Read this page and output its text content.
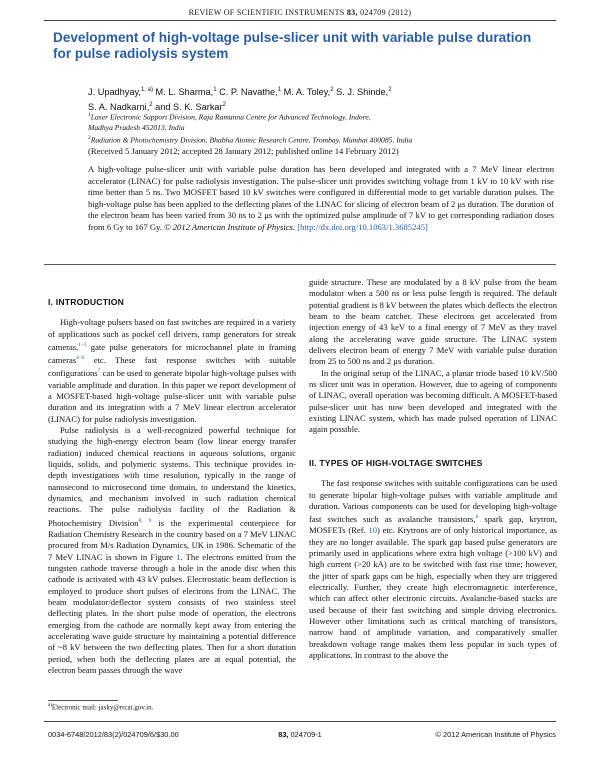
REVIEW OF SCIENTIFIC INSTRUMENTS 83, 024709 (2012)
Development of high-voltage pulse-slicer unit with variable pulse duration for pulse radiolysis system
J. Upadhyay,$^{1, a)}$ M. L. Sharma,$^1$ C. P. Navathe,$^1$ M. A. Toley,$^2$ S. J. Shinde,$^2$
S. A. Nadkarni,$^2$ and S. K. Sarkar$^2$
$^1$Laser Electronic Support Division, Raja Ramanna Centre for Advanced Technology, Indore,
Madhya Pradesh 452013, India
$^2$Radiation & Photochemistry Division, Bhabha Atomic Research Centre, Trombay, Mumbai 400085, India
(Received 5 January 2012; accepted 28 January 2012; published online 14 February 2012)
A high-voltage pulse-slicer unit with variable pulse duration has been developed and integrated with a 7 MeV linear electron accelerator (LINAC) for pulse radiolysis investigation. The pulse-slicer unit provides switching voltage from 1 kV to 10 kV with rise time better than 5 ns. Two MOSFET based 10 kV switches were configured in differential mode to get variable duration pulses. The high-voltage pulse has been applied to the deflecting plates of the LINAC for slicing of electron beam of 2 μs duration. The duration of the electron beam has been varied from 30 ns to 2 μs with the optimized pulse amplitude of 7 kV to get corresponding radiation doses from 6 Gy to 167 Gy. © 2012 American Institute of Physics. [http://dx.doi.org/10.1063/1.3685245]
I. INTRODUCTION

High-voltage pulsers based on fast switches are required in a variety of applications such as pockel cell drivers, ramp generators for streak cameras,$^{1-3}$ gate pulse generators for microchannel plate in framing cameras$^{4-6}$ etc. These fast response switches with suitable configurations$^7$ can be used to generate bipolar high-voltage pulses with variable amplitude and duration. In this paper we report development of a MOSFET-based high-voltage pulse-slicer unit with variable pulse duration and its integration with a 7 MeV linear electron accelerator (LINAC) for pulse radiolysis investigation.

Pulse radiolysis is a well-recognized powerful technique for studying the high-energy electron beam (low linear energy transfer radiation) induced chemical reactions in aqueous solutions, organic liquids, solids, and polymeric systems. This technique provides in-depth investigations with time resolution, typically in the range of nanosecond to microsecond time domain, to understand the kinetics, dynamics, and mechanism involved in such radiation chemical reactions. The pulse radiolysis facility of the Radiation & Photochemistry Division$^{8, 9}$ is the experimental centerpiece for Radiation Chemistry Research in the country based on a 7 MeV LINAC procured from M/s Radiation Dynamics, UK in 1986. Schematic of the 7 MeV LINAC is shown in Figure 1. The electrons emitted from the tungsten cathode traverse through a hole in the anode disc when this cathode is activated with 43 kV pulses. Electrostatic beam deflection is employed to produce short pulses of electrons from the LINAC. The beam modulator/deflector system consists of two stainless steel deflecting plates. In the short pulse mode of operation, the electrons emerging from the cathode are normally kept away from entering the accelerating wave guide structure by maintaining a potential difference of ~8 kV between the two deflecting plates. Then for a short duration period, when both the deflecting plates are at equal potential, the electron beam passes through the wave

guide structure. These are modulated by a 8 kV pulse from the beam modulator when a 500 ns or less pulse length is required. The default potential gradient is 8 kV between the plates which deflects the electron beam to the beam catcher. These electrons get accelerated from injection energy of 43 keV to a final energy of 7 MeV as they travel along the accelerating wave guide structure. The LINAC system delivers electron beam of energy 7 MeV with variable pulse duration from 25 to 500 ns and 2 μs duration.

In the original setup of the LINAC, a planar triode based 10 kV/500 ns slicer unit was in operation. However, due to ageing of components of LINAC, overall operation was becoming difficult. A MOSFET-based pulse-slicer unit has now been developed and integrated with the existing LINAC system, which has made pulsed operation of LINAC again possible.

II. TYPES OF HIGH-VOLTAGE SWITCHES

The fast response switches with suitable configurations can be used to generate bipolar high-voltage pulses with variable amplitude and duration. Various components can be used for developing high-voltage fast switches such as avalanche transistors,$^6$ spark gap, krytron, MOSFETs (Ref. 10) etc. Krytrons are of only historical importance, as they are no longer available. The spark gap based pulse generators are primarily used in applications where extra high voltage (>100 kV) and high current (>20 kA) are to be switched with fast rise time; however, the jitter of spark gaps can be high, especially when they are triggered electrically. Further, they create high electromagnetic interference, which can affect other electronic circuits. Avalanche-based stacks are used because of their fast switching and simple driving electronics. However other limitations such as critical matching of transistors, narrow band of amplitude variation, and comparatively smaller breakdown voltage range makes them less popular in such types of applications. In contrast to the above the

$^{a)}$Electronic mail: jasky@rrcat.gov.in.
0034-6748/2012/83(2)/024709/6/$30.00	83, 024709-1	© 2012 American Institute of Physics
